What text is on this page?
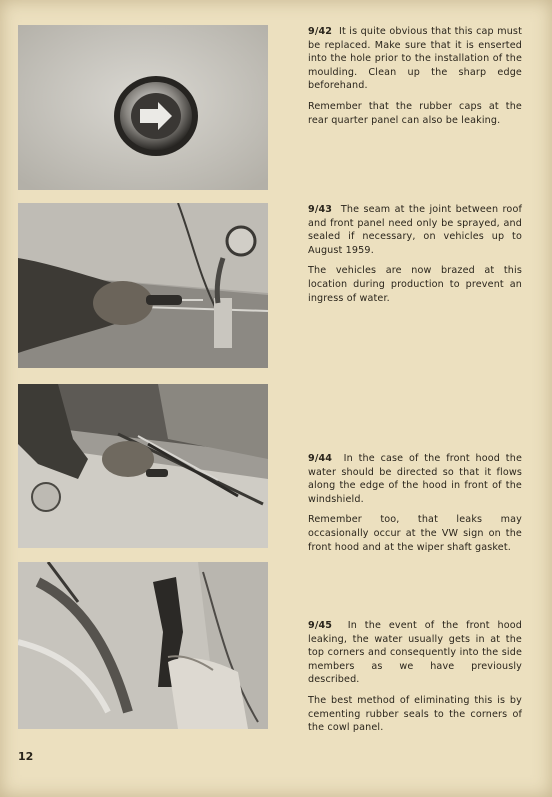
9/42 It is quite obvious that this cap must be replaced. Make sure that it is enserted into the hole prior to the installation of the moulding. Clean up the sharp edge beforehand.

Remember that the rubber caps at the rear quarter panel can also be leaking.

9/43 The seam at the joint between roof and front panel need only be sprayed, and sealed if necessary, on vehicles up to August 1959.

The vehicles are now brazed at this location during production to prevent an ingress of water.

9/44 In the case of the front hood the water should be directed so that it flows along the edge of the hood in front of the windshield.

Remember too, that leaks may occasionally occur at the VW sign on the front hood and at the wiper shaft gasket.

9/45 In the event of the front hood leaking, the water usually gets in at the top corners and consequently into the side members as we have previously described.

The best method of eliminating this is by cementing rubber seals to the corners of the cowl panel.

12
